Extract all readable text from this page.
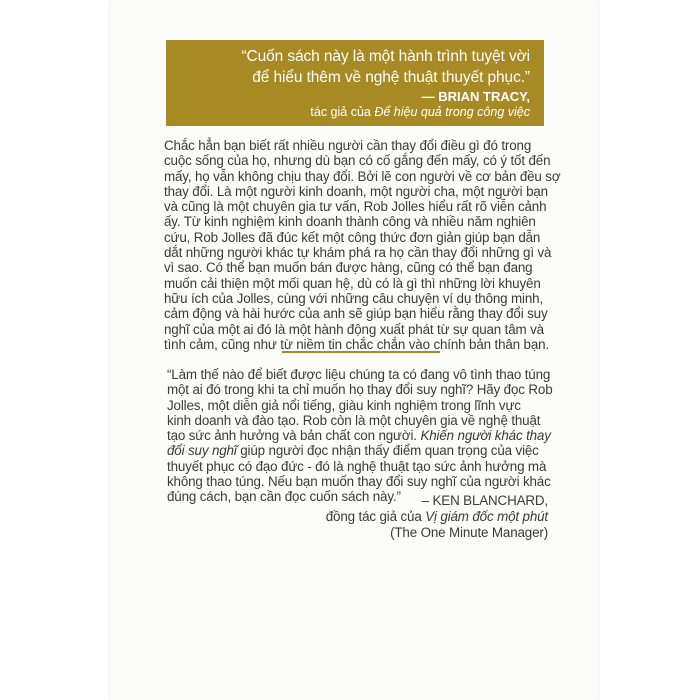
“Cuốn sách này là một hành trình tuyệt vời
để hiểu thêm về nghệ thuật thuyết phục.”
— BRIAN TRACY,
tác giả của Để hiệu quả trong công việc
Chắc hẳn bạn biết rất nhiều người cần thay đổi điều gì đó trong
cuộc sống của họ, nhưng dù bạn có cố gắng đến mấy, có ý tốt đến
mấy, họ vẫn không chịu thay đổi. Bởi lẽ con người về cơ bản đều sợ
thay đổi. Là một người kinh doanh, một người cha, một người bạn
và cũng là một chuyên gia tư vấn, Rob Jolles hiểu rất rõ viễn cảnh
ấy. Từ kinh nghiệm kinh doanh thành công và nhiều năm nghiên
cứu, Rob Jolles đã đúc kết một công thức đơn giản giúp bạn dẫn
dắt những người khác tự khám phá ra họ cần thay đổi những gì và
vì sao. Có thể bạn muốn bán được hàng, cũng có thể bạn đang
muốn cải thiện một mối quan hệ, dù có là gì thì những lời khuyên
hữu ích của Jolles, cùng với những câu chuyện ví dụ thông minh,
cảm động và hài hước của anh sẽ giúp bạn hiểu rằng thay đổi suy
nghĩ của một ai đó là một hành động xuất phát từ sự quan tâm và
tình cảm, cũng như từ niềm tin chắc chắn vào chính bản thân bạn.
“Làm thế nào để biết được liệu chúng ta có đang vô tình thao túng
một ai đó trong khi ta chỉ muốn họ thay đổi suy nghĩ? Hãy đọc Rob
Jolles, một diễn giả nổi tiếng, giàu kinh nghiệm trong lĩnh vực
kinh doanh và đào tạo. Rob còn là một chuyên gia về nghệ thuật
tạo sức ảnh hưởng và bản chất con người. Khiến người khác thay
đổi suy nghĩ giúp người đọc nhận thấy điểm quan trọng của việc
thuyết phục có đạo đức - đó là nghệ thuật tạo sức ảnh hưởng mà
không thao túng. Nếu bạn muốn thay đổi suy nghĩ của người khác
đúng cách, bạn cần đọc cuốn sách này.”	– KEN BLANCHARD,
đồng tác giả của Vị giám đốc một phút
(The One Minute Manager)
